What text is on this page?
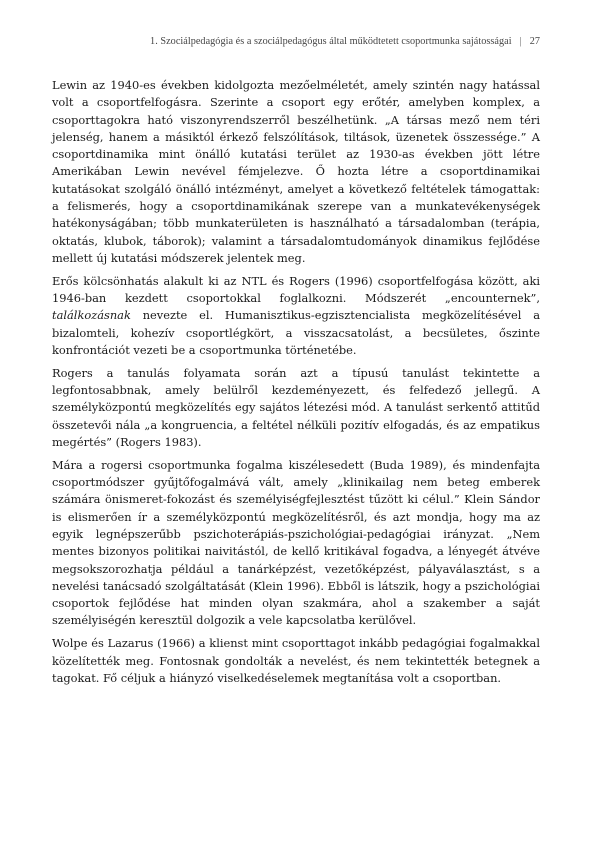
1. Szociálpedagógia és a szociálpedagógus által működtetett csoportmunka sajátosságai | 27

Lewin az 1940-es években kidolgozta mezőelméletét, amely szintén nagy hatással volt a csoportfelfogásra. Szerinte a csoport egy erőtér, amelyben komplex, a csoporttagokra ható viszonyrendszerről beszélhetünk. „A társas mező nem téri jelenség, hanem a másiktól érkező felszólítások, tiltások, üzenetek összessége.” A csoportdinamika mint önálló kutatási terület az 1930-as években jött létre Amerikában Lewin nevével fémjelezve. Ő hozta létre a csoportdinamikai kutatásokat szolgáló önálló intézményt, amelyet a következő feltételek támogattak: a felismerés, hogy a csoportdinamikának szerepe van a munkatevékenységek hatékonyságában; több munkaterületen is használható a társadalomban (terápia, oktatás, klubok, táborok); valamint a társadalomtudományok dinamikus fejlődése mellett új kutatási módszerek jelentek meg.

Erős kölcsönhatás alakult ki az NTL és Rogers (1996) csoportfelfogása között, aki 1946-ban kezdett csoportokkal foglalkozni. Módszerét „encounternek”, találkozásnak nevezte el. Humanisztikus-egzisztencialista megközelítésével a bizalomteli, kohezív csoportlégkört, a visszacsatolást, a becsületes, őszinte konfrontációt vezeti be a csoportmunka történetébe.

Rogers a tanulás folyamata során azt a típusú tanulást tekintette a legfontosabbnak, amely belülről kezdeményezett, és felfedező jellegű. A személyközpontú megközelítés egy sajátos létezési mód. A tanulást serkentő attitűd összetevői nála „a kongruencia, a feltétel nélküli pozitív elfogadás, és az empatikus megértés” (Rogers 1983).

Mára a rogersi csoportmunka fogalma kiszélesedett (Buda 1989), és mindenfajta csoportmódszer gyűjtőfogalmává vált, amely „klinikailag nem beteg emberek számára önismeret-fokozást és személyiségfejlesztést tűzött ki célul.” Klein Sándor is elismerően ír a személyközpontú megközelítésről, és azt mondja, hogy ma az egyik legnépszerűbb pszichoterápiás-pszichológiai-pedagógiai irányzat. „Nem mentes bizonyos politikai naivitástól, de kellő kritikával fogadva, a lényegét átvéve megsokszorozhatja például a tanárképzést, vezetőképzést, pályaválasztást, s a nevelési tanácsadó szolgáltatását (Klein 1996). Ebből is látszik, hogy a pszichológiai csoportok fejlődése hat minden olyan szakmára, ahol a szakember a saját személyiségén keresztül dolgozik a vele kapcsolatba kerülővel.

Wolpe és Lazarus (1966) a klienst mint csoporttagot inkább pedagógiai fogalmakkal közelítették meg. Fontosnak gondolták a nevelést, és nem tekintették betegnek a tagokat. Fő céljuk a hiányzó viselkedéselemek megtanítása volt a csoportban.
